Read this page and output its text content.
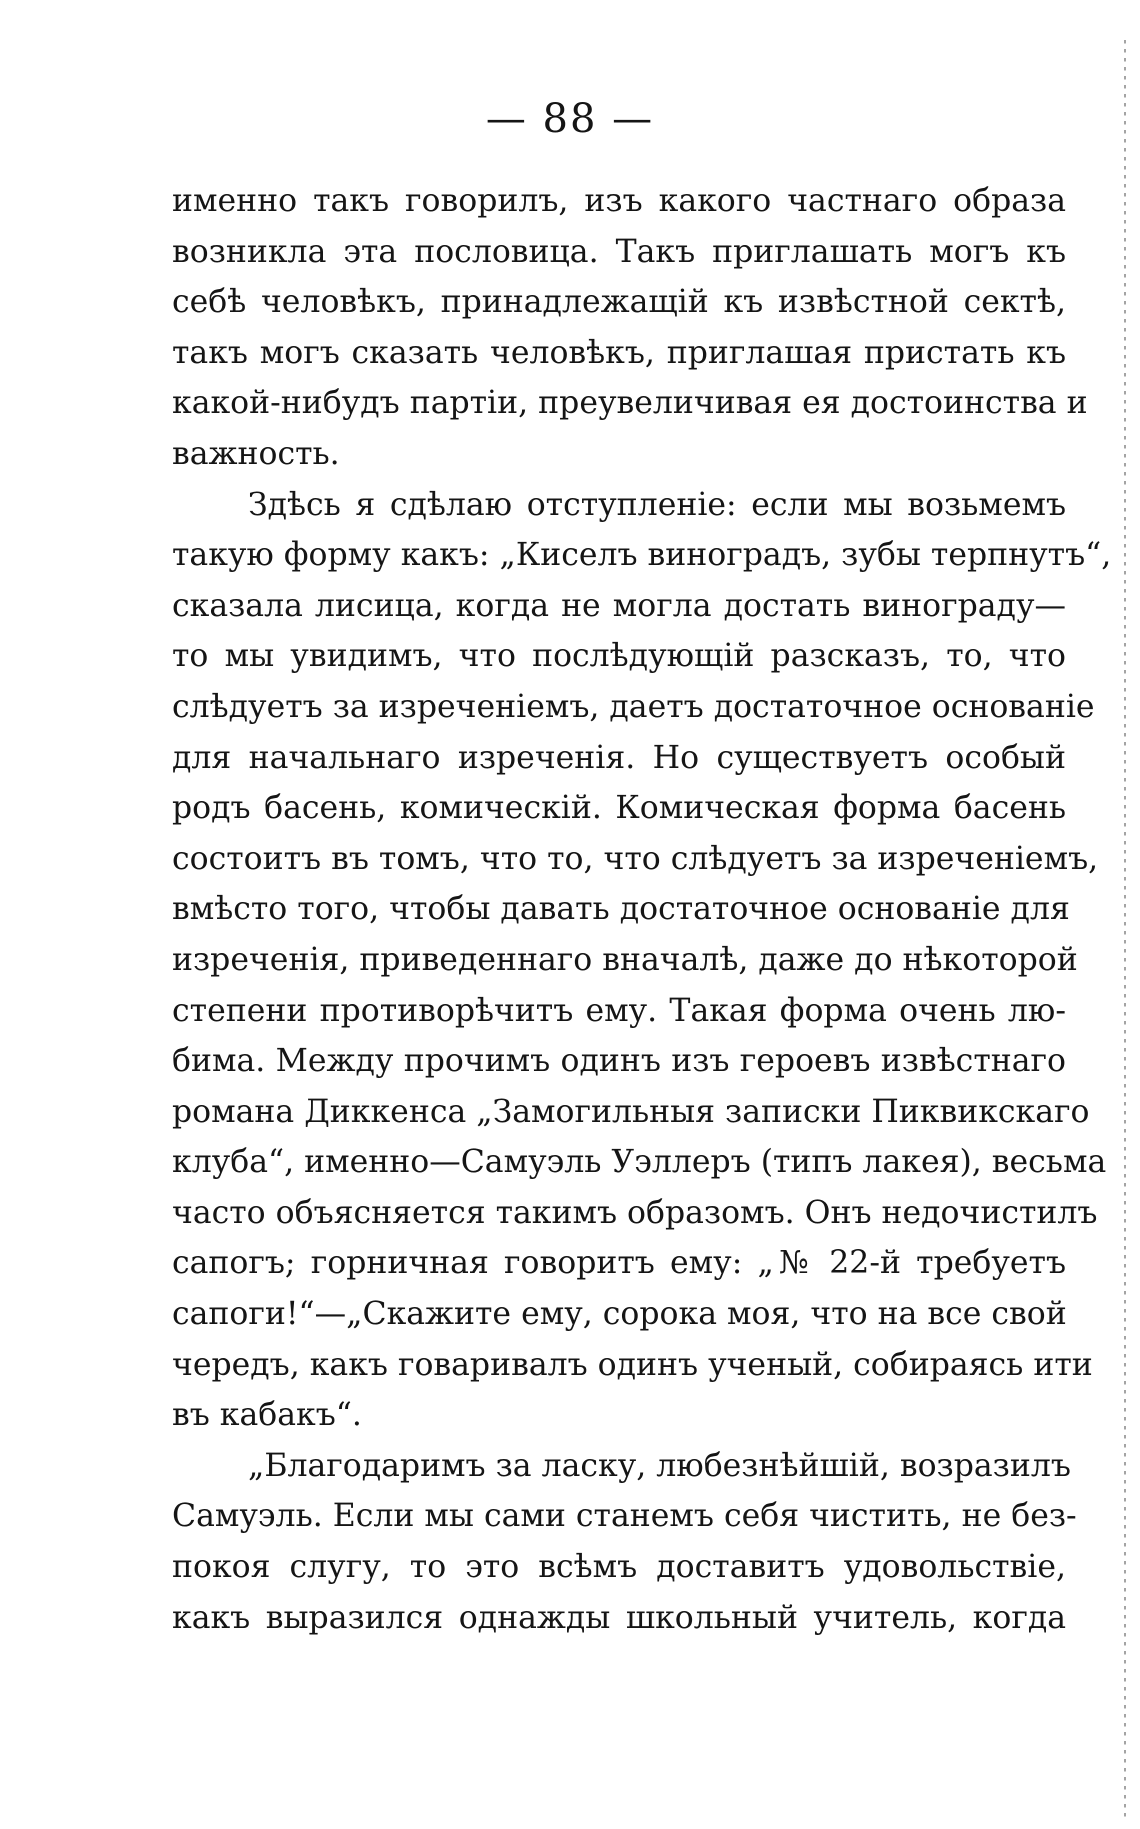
— 88 —

именно такъ говорилъ, изъ какого частнаго образа
возникла эта пословица. Такъ приглашать могъ къ
себѣ человѣкъ, принадлежащій къ извѣстной сектѣ,
такъ могъ сказать человѣкъ, приглашая пристать къ
какой-нибудъ партіи, преувеличивая ея достоинства и
важность.

Здѣсь я сдѣлаю отступленіе: если мы возьмемъ
такую форму какъ: „Киселъ виноградъ, зубы терпнутъ“,
сказала лисица, когда не могла достать винограду—
то мы увидимъ, что послѣдующій разсказъ, то, что
слѣдуетъ за изреченіемъ, даетъ достаточное основаніе
для начальнаго изреченія. Но существуетъ особый
родъ басень, комическій. Комическая форма басень
состоитъ въ томъ, что то, что слѣдуетъ за изреченіемъ,
вмѣсто того, чтобы давать достаточное основаніе для
изреченія, приведеннаго вначалѣ, даже до нѣкоторой
степени противорѣчитъ ему. Такая форма очень лю-
бима. Между прочимъ одинъ изъ героевъ извѣстнаго
романа Диккенса „Замогильныя записки Пиквикскаго
клуба“, именно—Самуэль Уэллеръ (типъ лакея), весьма
часто объясняется такимъ образомъ. Онъ недочистилъ
сапогъ; горничная говоритъ ему: „№ 22-й требуетъ
сапоги!“—„Скажите ему, сорока моя, что на все свой
чередъ, какъ говаривалъ одинъ ученый, собираясь ити
въ кабакъ“.

„Благодаримъ за ласку, любезнѣйшій, возразилъ
Самуэль. Если мы сами станемъ себя чистить, не без-
покоя слугу, то это всѣмъ доставитъ удовольствіе,
какъ выразился однажды школьный учитель, когда
